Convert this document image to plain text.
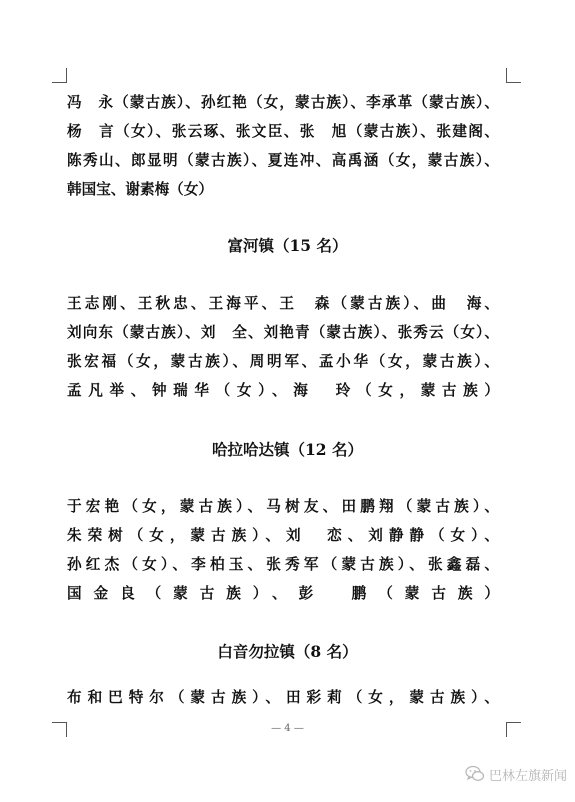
冯　永（蒙古族）、孙红艳（女，蒙古族）、李承革（蒙古族）、
杨　言（女）、张云琢、张文臣、张　旭（蒙古族）、张建阁、
陈秀山、郎显明（蒙古族）、夏连冲、高禹涵（女，蒙古族）、
韩国宝、谢素梅（女）
富河镇（15 名）
王志刚、王秋忠、王海平、王　森（蒙古族）、曲　海、
刘向东（蒙古族）、刘　全、刘艳青（蒙古族）、张秀云（女）、
张宏福（女，蒙古族）、周明军、孟小华（女，蒙古族）、
孟凡举、钟瑞华（女）、海　玲（女，蒙古族）
哈拉哈达镇（12 名）
于宏艳（女，蒙古族）、马树友、田鹏翔（蒙古族）、
朱荣树（女，蒙古族）、刘　恋、刘静静（女）、
孙红杰（女）、李柏玉、张秀军（蒙古族）、张鑫磊、
国金良（蒙古族）、彭　鹏（蒙古族）
白音勿拉镇（8 名）
布和巴特尔（蒙古族）、田彩莉（女，蒙古族）、
— 4 —
巴林左旗新闻
